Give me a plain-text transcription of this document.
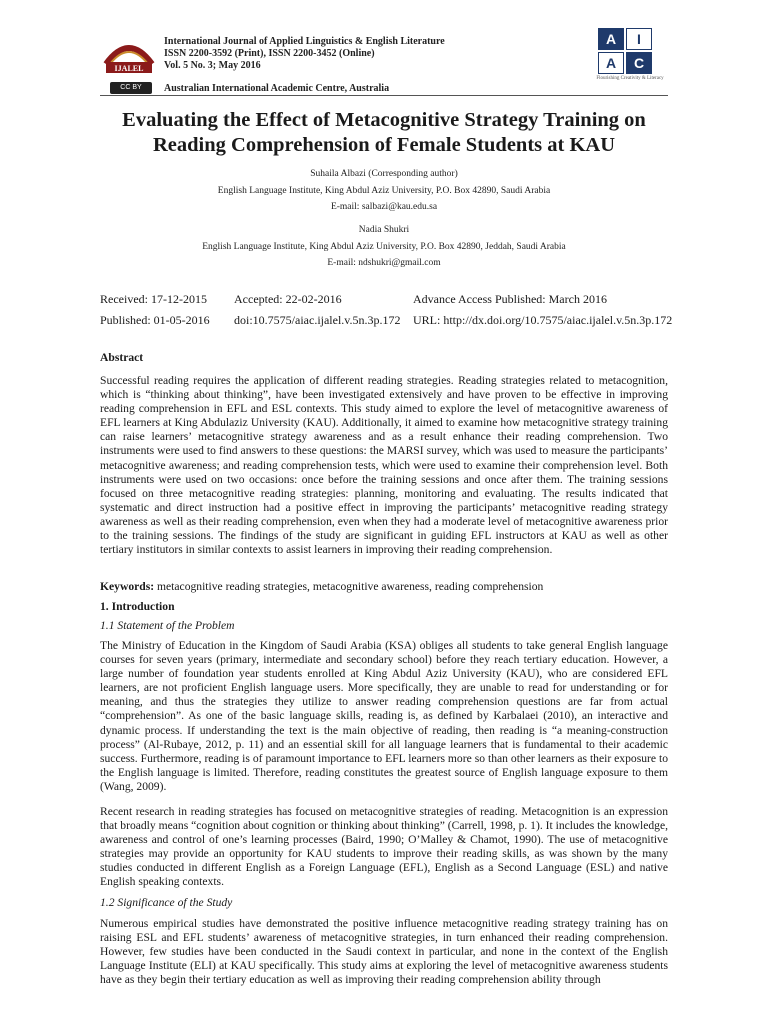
IJALEL
International Journal of Applied Linguistics & English Literature
ISSN 2200-3592 (Print), ISSN 2200-3452 (Online)
Vol. 5 No. 3; May 2016
CC BY	Australian International Academic Centre, Australia
A	I
A	C
Flourishing Creativity & Literacy
Evaluating the Effect of Metacognitive Strategy Training on
Reading Comprehension of Female Students at KAU
Suhaila Albazi (Corresponding author)
English Language Institute, King Abdul Aziz University, P.O. Box 42890, Saudi Arabia
E-mail: salbazi@kau.edu.sa
Nadia Shukri
English Language Institute, King Abdul Aziz University, P.O. Box 42890, Jeddah, Saudi Arabia
E-mail: ndshukri@gmail.com
Received: 17-12-2015 Accepted: 22-02-2016	Advance Access Published: March 2016
Published: 01-05-2016 doi:10.7575/aiac.ijalel.v.5n.3p.172 URL: http://dx.doi.org/10.7575/aiac.ijalel.v.5n.3p.172

Abstract

Successful reading requires the application of different reading strategies. Reading strategies related to metacognition, which is “thinking about thinking”, have been investigated extensively and have proven to be effective in improving reading comprehension in EFL and ESL contexts. This study aimed to explore the level of metacognitive awareness of EFL learners at King Abdulaziz University (KAU). Additionally, it aimed to examine how metacognitive strategy training can raise learners’ metacognitive strategy awareness and as a result enhance their reading comprehension. Two instruments were used to find answers to these questions: the MARSI survey, which was used to measure the participants’ metacognitive awareness; and reading comprehension tests, which were used to examine their comprehension level. Both instruments were used on two occasions: once before the training sessions and once after them. The training sessions focused on three metacognitive reading strategies: planning, monitoring and evaluating. The results indicated that systematic and direct instruction had a positive effect in improving the participants’ metacognitive reading strategy awareness as well as their reading comprehension, even when they had a moderate level of metacognitive awareness prior to the training sessions. The findings of the study are significant in guiding EFL instructors at KAU as well as other tertiary institutors in similar contexts to assist learners in improving their reading comprehension.

Keywords: metacognitive reading strategies, metacognitive awareness, reading comprehension

1. Introduction

1.1 Statement of the Problem

The Ministry of Education in the Kingdom of Saudi Arabia (KSA) obliges all students to take general English language courses for seven years (primary, intermediate and secondary school) before they reach tertiary education. However, a large number of foundation year students enrolled at King Abdul Aziz University (KAU), who are considered EFL learners, are not proficient English language users. More specifically, they are unable to read for understanding or for meaning, and thus the strategies they utilize to answer reading comprehension questions are far from actual “comprehension”. As one of the basic language skills, reading is, as defined by Karbalaei (2010), an interactive and dynamic process. If understanding the text is the main objective of reading, then reading is “a meaning-construction process” (Al-Rubaye, 2012, p. 11) and an essential skill for all language learners that is fundamental to their academic success. Furthermore, reading is of paramount importance to EFL learners more so than other learners as their exposure to the English language is limited. Therefore, reading constitutes the greatest source of English language exposure to them (Wang, 2009).

Recent research in reading strategies has focused on metacognitive strategies of reading. Metacognition is an expression that broadly means “cognition about cognition or thinking about thinking” (Carrell, 1998, p. 1). It includes the knowledge, awareness and control of one’s learning processes (Baird, 1990; O’Malley & Chamot, 1990). The use of metacognitive strategies may provide an opportunity for KAU students to improve their reading skills, as was shown by the many studies conducted in different English as a Foreign Language (EFL), English as a Second Language (ESL) and native English speaking contexts.

1.2 Significance of the Study

Numerous empirical studies have demonstrated the positive influence metacognitive reading strategy training has on raising ESL and EFL students’ awareness of metacognitive strategies, in turn enhanced their reading comprehension. However, few studies have been conducted in the Saudi context in particular, and none in the context of the English Language Institute (ELI) at KAU specifically. This study aims at exploring the level of metacognitive awareness students have as they begin their tertiary education as well as improving their reading comprehension ability through
